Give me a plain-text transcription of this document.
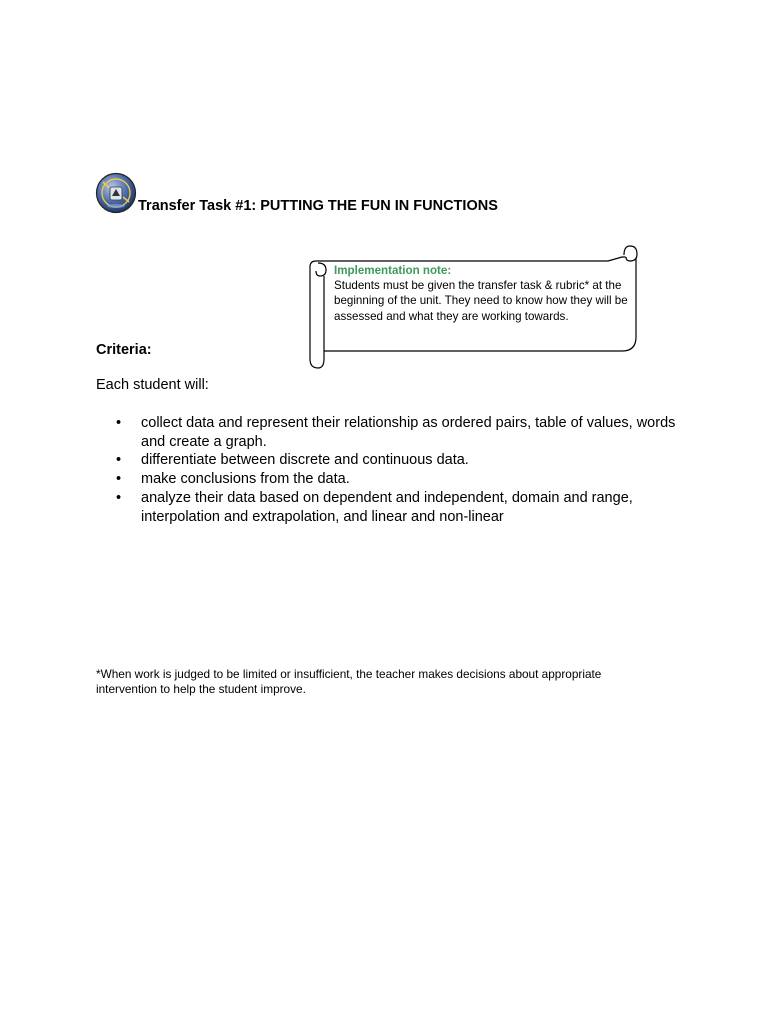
Transfer Task #1: PUTTING THE FUN IN FUNCTIONS
Implementation note:
Students must be given the transfer task & rubric* at the beginning of the unit. They need to know how they will be assessed and what they are working towards.
Criteria:
Each student will:
• collect data and represent their relationship as ordered pairs, table of values, words and create a graph.
• differentiate between discrete and continuous data.
• make conclusions from the data.
• analyze their data based on dependent and independent, domain and range, interpolation and extrapolation, and linear and non-linear
*When work is judged to be limited or insufficient, the teacher makes decisions about appropriate intervention to help the student improve.
